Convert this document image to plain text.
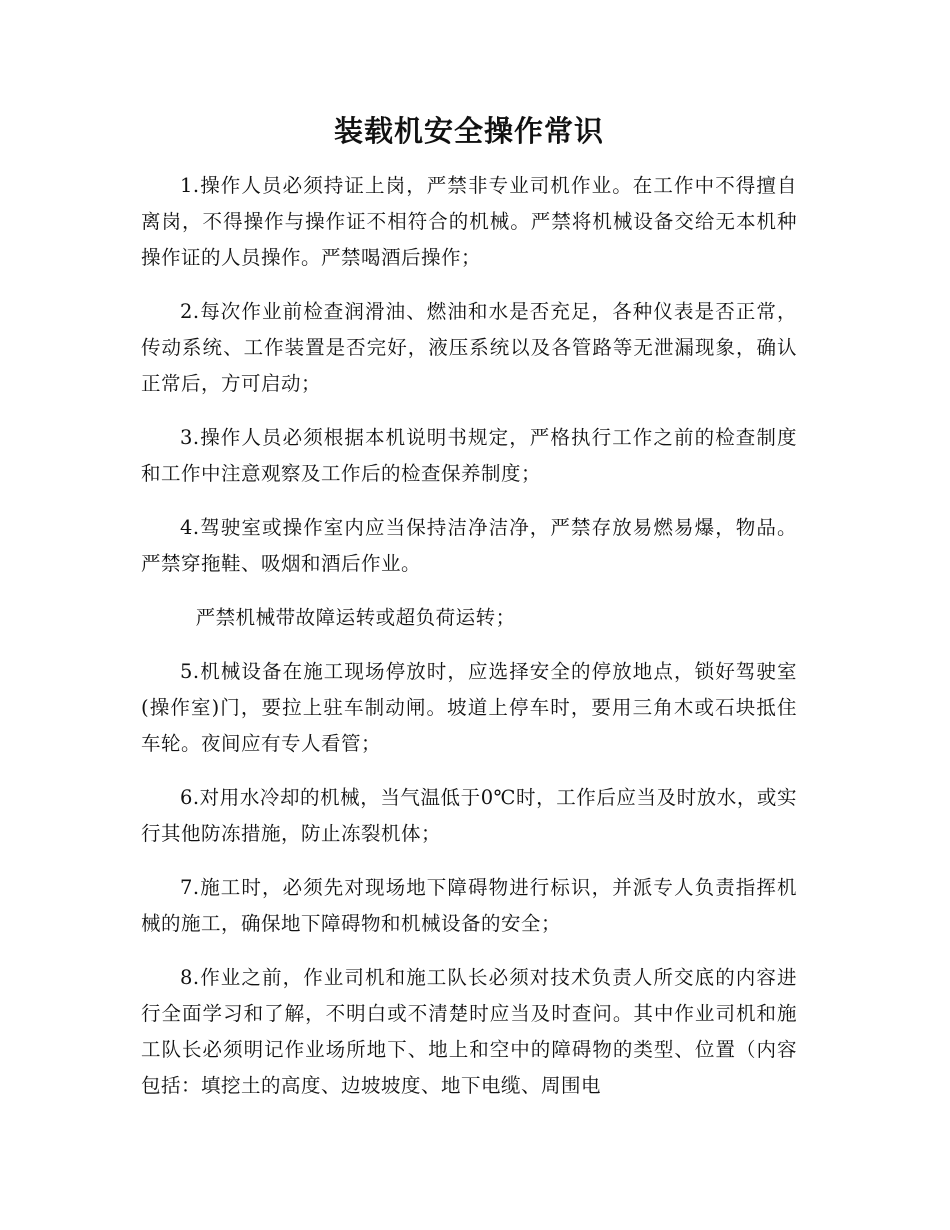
装载机安全操作常识

1.操作人员必须持证上岗，严禁非专业司机作业。在工作中不得擅自离岗，不得操作与操作证不相符合的机械。严禁将机械设备交给无本机种操作证的人员操作。严禁喝酒后操作；

2.每次作业前检查润滑油、燃油和水是否充足，各种仪表是否正常，传动系统、工作装置是否完好，液压系统以及各管路等无泄漏现象，确认正常后，方可启动；

3.操作人员必须根据本机说明书规定，严格执行工作之前的检查制度和工作中注意观察及工作后的检查保养制度；

4.驾驶室或操作室内应当保持洁净洁净，严禁存放易燃易爆，物品。严禁穿拖鞋、吸烟和酒后作业。

严禁机械带故障运转或超负荷运转；

5.机械设备在施工现场停放时，应选择安全的停放地点，锁好驾驶室(操作室)门，要拉上驻车制动闸。坡道上停车时，要用三角木或石块抵住车轮。夜间应有专人看管；

6.对用水冷却的机械，当气温低于0℃时，工作后应当及时放水，或实行其他防冻措施，防止冻裂机体；

7.施工时，必须先对现场地下障碍物进行标识，并派专人负责指挥机械的施工，确保地下障碍物和机械设备的安全；

8.作业之前，作业司机和施工队长必须对技术负责人所交底的内容进行全面学习和了解，不明白或不清楚时应当及时查问。其中作业司机和施工队长必须明记作业场所地下、地上和空中的障碍物的类型、位置（内容包括：填挖土的高度、边坡坡度、地下电缆、周围电
